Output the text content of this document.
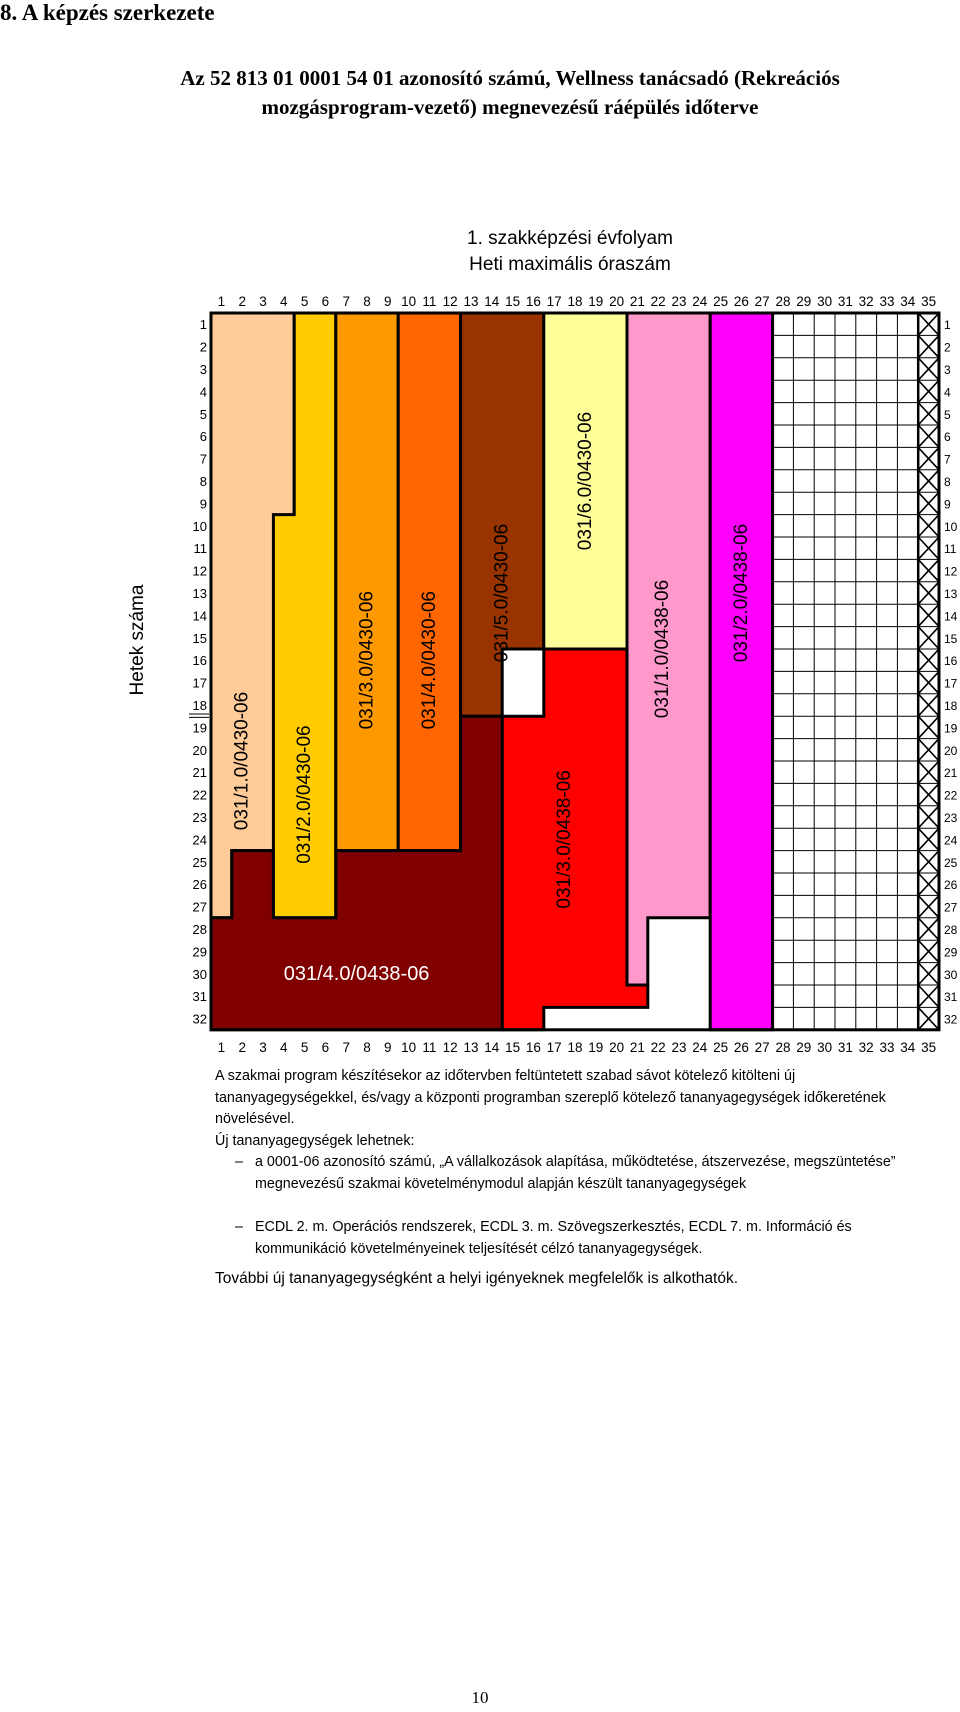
8. A képzés szerkezete
Az 52 813 01 0001 54 01 azonosító számú, Wellness tanácsadó (Rekreációs
mozgásprogram-vezető) megnevezésű ráépülés időterve
1. szakképzési évfolyam
Heti maximális óraszám
Hetek száma
031/1.0/0430-06 031/2.0/0430-06
031/3.0/0430-06 031/4.0/0430-06	031/5.0/0430-06
031/6.0/0430-06
031/1.0/0438-06	031/2.0/0438-06
031/3.0/0438-06
031/4.0/0438-06
1
1
2
2
3
3
4
4
5
5
6
6
7
7
8
8
9
9
10
10
11
11
12
12
13
13
14
14
15
15
16
16
17
17
18
18
19
19
20
20
21
21
22
22
23
23
24
24
25
25
26
26
27
27
28
28
29
29
30
30
31
31
32
32
33
33
34
34
35
35
1	1
2	2
3	3
4	4
5	5
6	6
7	7
8	8
9	9
10	10
11	11
12	12
13	13
14	14
15	15
16	16
17	17
18	18
19	19
20	20
21	21
22	22
23	23
24	24
25	25
26	26
27	27
28	28
29	29
30	30
31	31
32	32

A szakmai program készítésekor az időtervben feltüntetett szabad sávot kötelező kitölteni új tananyagegységekkel, és/vagy a központi programban szereplő kötelező tananyagegységek időkeretének növelésével.

Új tananyagegységek lehetnek:

– a 0001-06 azonosító számú, „A vállalkozások alapítása, működtetése, átszervezése, megszüntetése” megnevezésű szakmai követelménymodul alapján készült tananyagegységek

– ECDL 2. m. Operációs rendszerek, ECDL 3. m. Szövegszerkesztés, ECDL 7. m. Információ és kommunikáció követelményeinek teljesítését célzó tananyagegységek.

További új tananyagegységként a helyi igényeknek megfelelők is alkothatók.

10
